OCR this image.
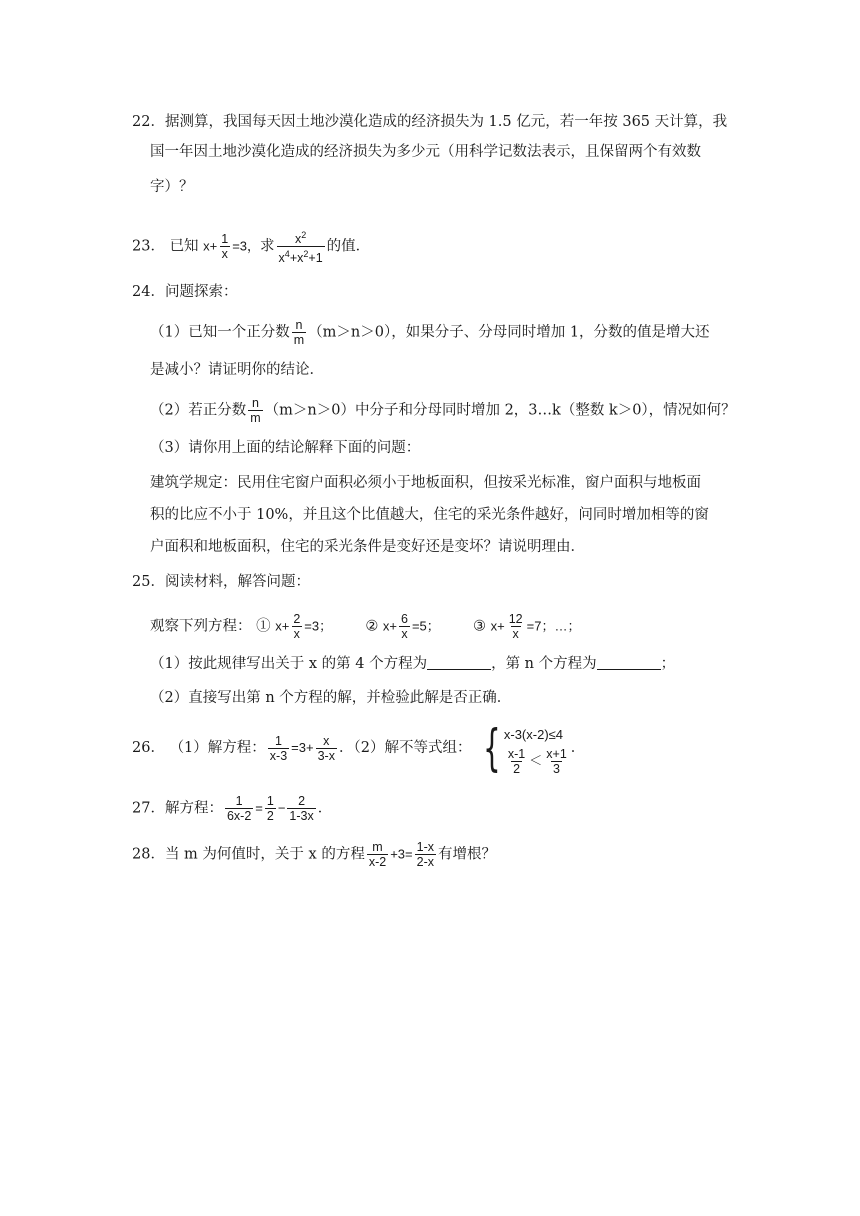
22．据测算，我国每天因土地沙漠化造成的经济损失为 1.5 亿元，若一年按 365 天计算，我
国一年因土地沙漠化造成的经济损失为多少元（用科学记数法表示，且保留两个有效数
字）？
23． 已知 $x+ \frac{1}{x} =3$，求 $\frac{x^2}{x^4+x^2+1}$ 的值．
24．问题探索：
（1）已知一个正分数 $\frac{n}{m} (m>n>0)$，如果分子、分母同时增加 1，分数的值是增大还
是减小？请证明你的结论．
（2）若正分数 $\frac{n}{m} (m>n>0)$中分子和分母同时增加 2，3…k（整数 k＞0），情况如何？
（3）请你用上面的结论解释下面的问题：
建筑学规定：民用住宅窗户面积必须小于地板面积，但按采光标准，窗户面积与地板面
积的比应不小于 10%，并且这个比值越大，住宅的采光条件越好，问同时增加相等的窗
户面积和地板面积，住宅的采光条件是变好还是变坏？请说明理由．
25．阅读材料，解答问题：
观察下列方程： ① $x+ \frac{2}{x} =3$； ② $x+ \frac{6}{x} =5$； ③ $x+ \frac{12}{x} =7$；…；
（1）按此规律写出关于 x 的第 4 个方程为	，第 n 个方程为	；
（2）直接写出第 n 个方程的解，并检验此解是否正确．
26． （1）解方程： $\frac{1}{x-3} =3+ \frac{x}{3-x}$ ．（2）解不等式组： { x-3(x-2)≤4
$\frac{x-1}{2} < \frac{x+1}{3}$ ．
27．解方程： $\frac{1}{6x-2} = \frac{1}{2} - \frac{2}{1-3x}$ ．
28．当 m 为何值时，关于 x 的方程 $\frac{m}{x-2} +3= \frac{1-x}{2-x}$ 有增根？
